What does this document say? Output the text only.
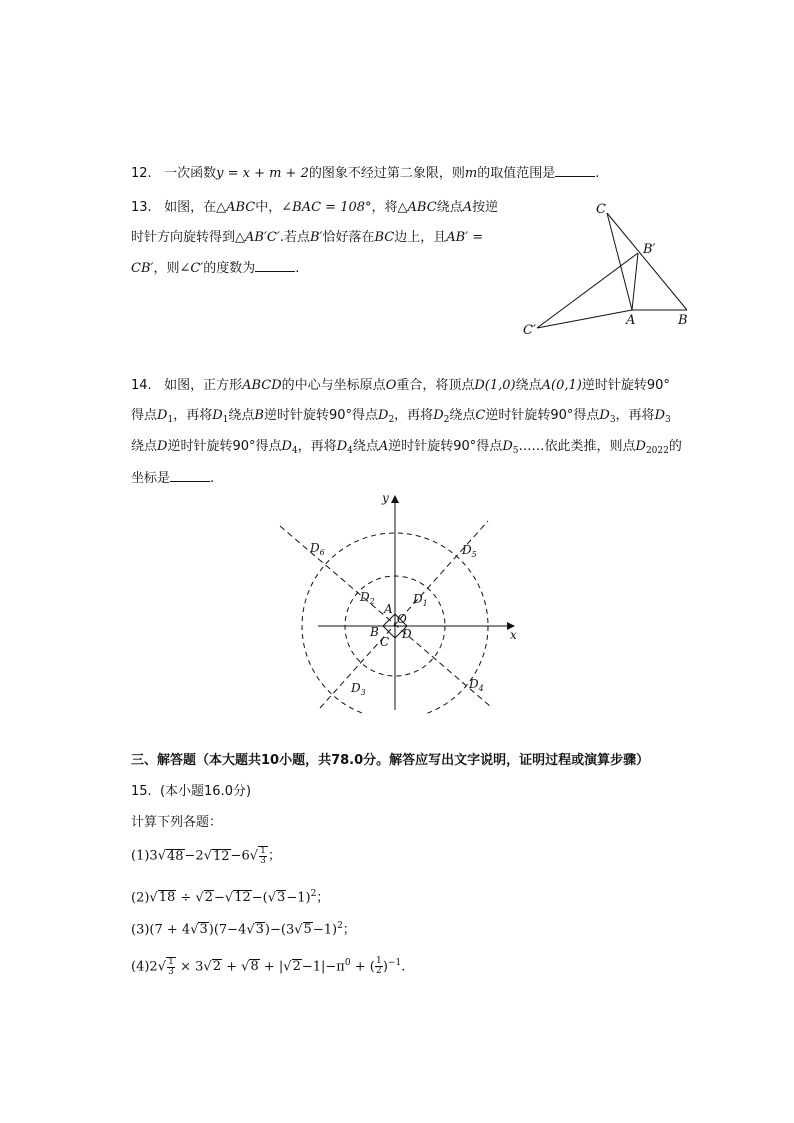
12. 一次函数y = x + m + 2的图象不经过第二象限，则m的取值范围是	.
13. 如图，在△ABC中，∠BAC = 108°，将△ABC绕点A按逆
时针方向旋转得到△AB′C′.若点B′恰好落在BC边上，且AB′ =
CB′，则∠C′的度数为	.
C
B′
A	B
C′
14. 如图，正方形ABCD的中心与坐标原点O重合，将顶点D(1,0)绕点A(0,1)逆时针旋转90°
得点$D_1$，再将$D_1$绕点B逆时针旋转90°得点$D_2$，再将$D_2$绕点C逆时针旋转90°得点$D_3$，再将$D_3$
绕点D逆时针旋转90°得点$D_4$，再将$D_4$绕点A逆时针旋转90°得点$D_5\dots\dots$依此类推，则点$D_{2022}$的
坐标是	.
x
y
$D_6$	$D_5$
$D_2$	$D_1$
A
O
B
C
D
$D_3$
$D_4$
三、解答题（本大题共10小题，共78.0分。解答应写出文字说明，证明过程或演算步骤）
15. (本小题16.0分)
计算下列各题：
$(1)3√48-2√12-6√ \frac{1}{3}$ ；
$(2)√18 \div √2-√12-(√3-1)^2$；
$(3)(7 + 4√3)(7-4√3)-(3√5-1)^2$；
$(4)2√ \frac{1}{3} \times 3√2 + √8 + |√2-1|-\pi^0$ + ( $\frac{1}{2} )^{-1}$.
